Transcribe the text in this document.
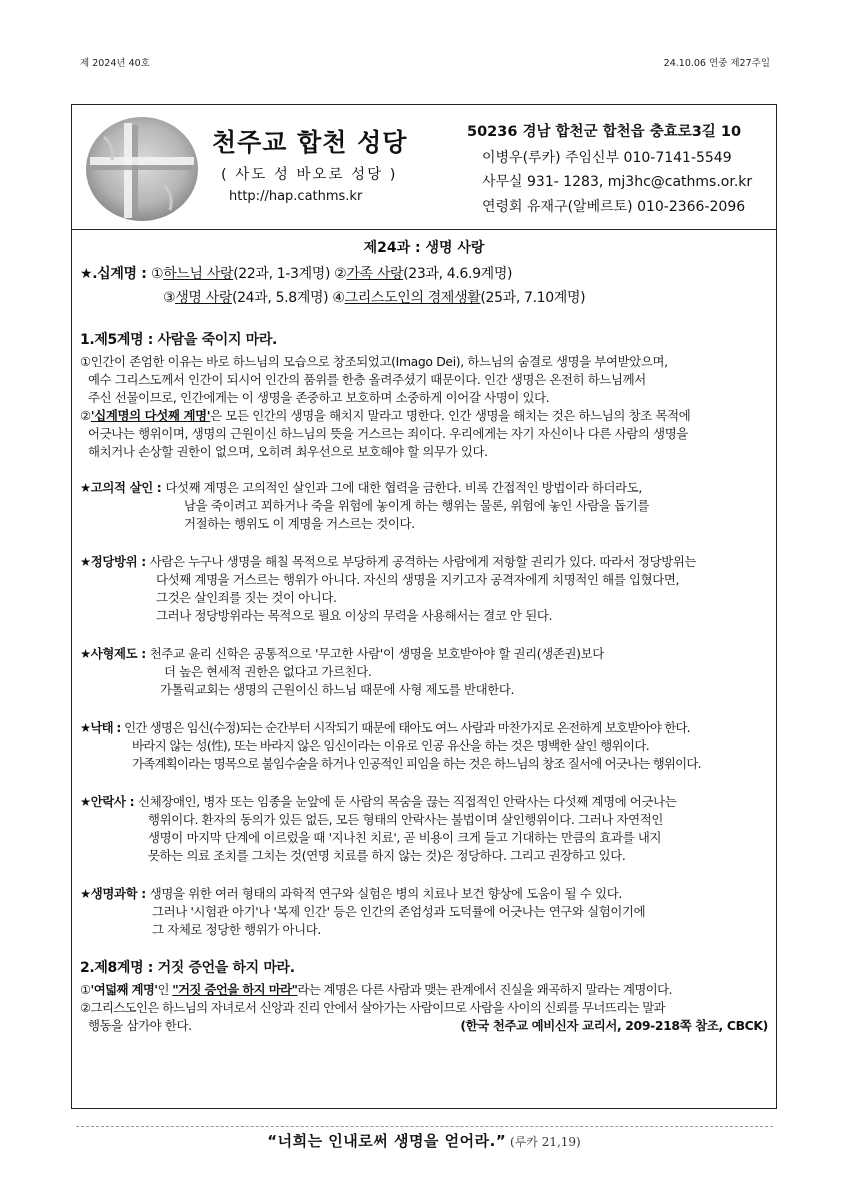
제 2024년 40호	24.10.06 연중 제27주일
천주교 합천 성당
( 사도 성 바오로 성당 )
http://hap.cathms.kr
50236 경남 합천군 합천읍 충효로3길 10
이병우(루카) 주임신부 010-7141-5549
사무실 931- 1283, mj3hc@cathms.or.kr
연령회 유재구(알베르토) 010-2366-2096
제24과 : 생명 사랑
★.십계명 : ①하느님 사랑(22과, 1-3계명) ②가족 사랑(23과, 4.6.9계명)
③생명 사랑(24과, 5.8계명) ④그리스도인의 경제생활(25과, 7.10계명)
1.제5계명 : 사람을 죽이지 마라.
①인간이 존엄한 이유는 바로 하느님의 모습으로 창조되었고(Imago Dei), 하느님의 숨결로 생명을 부여받았으며,
예수 그리스도께서 인간이 되시어 인간의 품위를 한층 올려주셨기 때문이다. 인간 생명은 온전히 하느님께서
주신 선물이므로, 인간에게는 이 생명을 존중하고 보호하며 소중하게 이어갈 사명이 있다.
②'십계명의 다섯째 계명'은 모든 인간의 생명을 해치지 말라고 명한다. 인간 생명을 해치는 것은 하느님의 창조 목적에
어긋나는 행위이며, 생명의 근원이신 하느님의 뜻을 거스르는 죄이다. 우리에게는 자기 자신이나 다른 사람의 생명을
해치거나 손상할 권한이 없으며, 오히려 최우선으로 보호해야 할 의무가 있다.
★고의적 살인 : 다섯째 계명은 고의적인 살인과 그에 대한 협력을 금한다. 비록 간접적인 방법이라 하더라도,
남을 죽이려고 꾀하거나 죽을 위험에 놓이게 하는 행위는 물론, 위험에 놓인 사람을 돕기를
거절하는 행위도 이 계명을 거스르는 것이다.
★정당방위 : 사람은 누구나 생명을 해칠 목적으로 부당하게 공격하는 사람에게 저항할 권리가 있다. 따라서 정당방위는
다섯째 계명을 거스르는 행위가 아니다. 자신의 생명을 지키고자 공격자에게 치명적인 해를 입혔다면,
그것은 살인죄를 짓는 것이 아니다.
그러나 정당방위라는 목적으로 필요 이상의 무력을 사용해서는 결코 안 된다.
★사형제도 : 천주교 윤리 신학은 공통적으로 '무고한 사람'이 생명을 보호받아야 할 권리(생존권)보다
더 높은 현세적 권한은 없다고 가르친다.
가톨릭교회는 생명의 근원이신 하느님 때문에 사형 제도를 반대한다.
★낙태 : 인간 생명은 임신(수정)되는 순간부터 시작되기 때문에 태아도 여느 사람과 마찬가지로 온전하게 보호받아야 한다.
바라지 않는 성(性), 또는 바라지 않은 임신이라는 이유로 인공 유산을 하는 것은 명백한 살인 행위이다.
가족계획이라는 명목으로 불임수술을 하거나 인공적인 피임을 하는 것은 하느님의 창조 질서에 어긋나는 행위이다.
★안락사 : 신체장애인, 병자 또는 임종을 눈앞에 둔 사람의 목숨을 끊는 직접적인 안락사는 다섯째 계명에 어긋나는
행위이다. 환자의 동의가 있든 없든, 모든 형태의 안락사는 불법이며 살인행위이다. 그러나 자연적인
생명이 마지막 단계에 이르렀을 때 '지나친 치료', 곧 비용이 크게 들고 기대하는 만큼의 효과를 내지
못하는 의료 조치를 그치는 것(연명 치료를 하지 않는 것)은 정당하다. 그리고 권장하고 있다.
★생명과학 : 생명을 위한 여러 형태의 과학적 연구와 실험은 병의 치료나 보건 향상에 도움이 될 수 있다.
그러나 '시험관 아기'나 '복제 인간' 등은 인간의 존엄성과 도덕률에 어긋나는 연구와 실험이기에
그 자체로 정당한 행위가 아니다.
2.제8계명 : 거짓 증언을 하지 마라.
①'여덟째 계명'인 "거짓 증언을 하지 마라"라는 계명은 다른 사람과 맺는 관계에서 진실을 왜곡하지 말라는 계명이다.
②그리스도인은 하느님의 자녀로서 신앙과 진리 안에서 살아가는 사람이므로 사람을 사이의 신뢰를 무너뜨리는 말과
행동을 삼가야 한다.	(한국 천주교 예비신자 교리서, 209-218쪽 참조, CBCK)
“너희는 인내로써 생명을 얻어라.” (루카 21,19)
